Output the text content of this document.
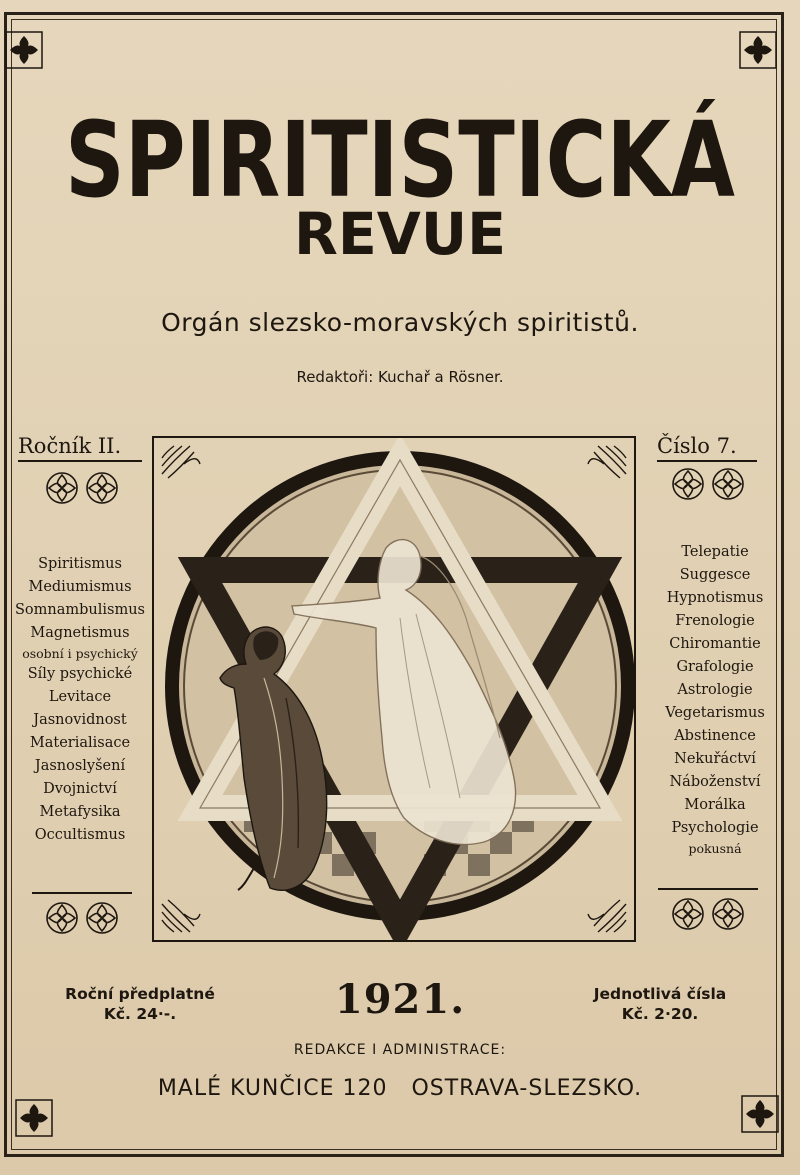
SPIRITISTICKÁ
REVUE
Orgán slezsko-moravských spiritistů.
Redaktoři: Kuchař a Rösner.
Ročník II.	Číslo 7.
Spiritismus
Mediumismus
Somnambulismus
Magnetismus
osobní i psychický
Síly psychické
Levitace
Jasnovidnost
Materialisace
Jasnoslyšení
Dvojnictví
Metafysika
Occultismus
Telepatie
Suggesce
Hypnotismus
Frenologie
Chiromantie
Grafologie
Astrologie
Vegetarismus
Abstinence
Nekuřáctví
Náboženství
Morálka
Psychologie
pokusná
Roční předplatné
Kč. 24·-.	1921.	Jednotlivá čísla
Kč. 2·20.
REDAKCE I ADMINISTRACE:
MALÉ KUNČICE 120   OSTRAVA-SLEZSKO.
